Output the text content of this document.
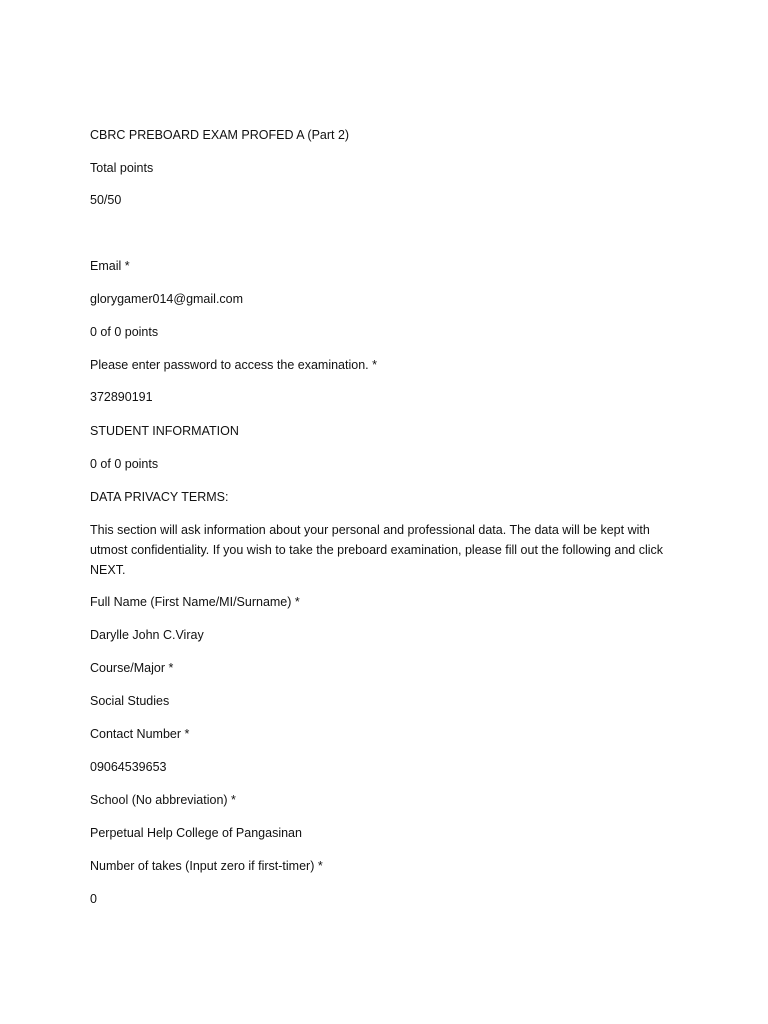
CBRC PREBOARD EXAM PROFED A (Part 2)
Total points
50/50
Email *
glorygamer014@gmail.com
0 of 0 points
Please enter password to access the examination. *
372890191
STUDENT INFORMATION
0 of 0 points
DATA PRIVACY TERMS:
This section will ask information about your personal and professional data. The data will be kept with utmost confidentiality. If you wish to take the preboard examination, please fill out the following and click NEXT.
Full Name (First Name/MI/Surname) *
Darylle John C.Viray
Course/Major *
Social Studies
Contact Number *
09064539653
School (No abbreviation) *
Perpetual Help College of Pangasinan
Number of takes (Input zero if first-timer) *
0
